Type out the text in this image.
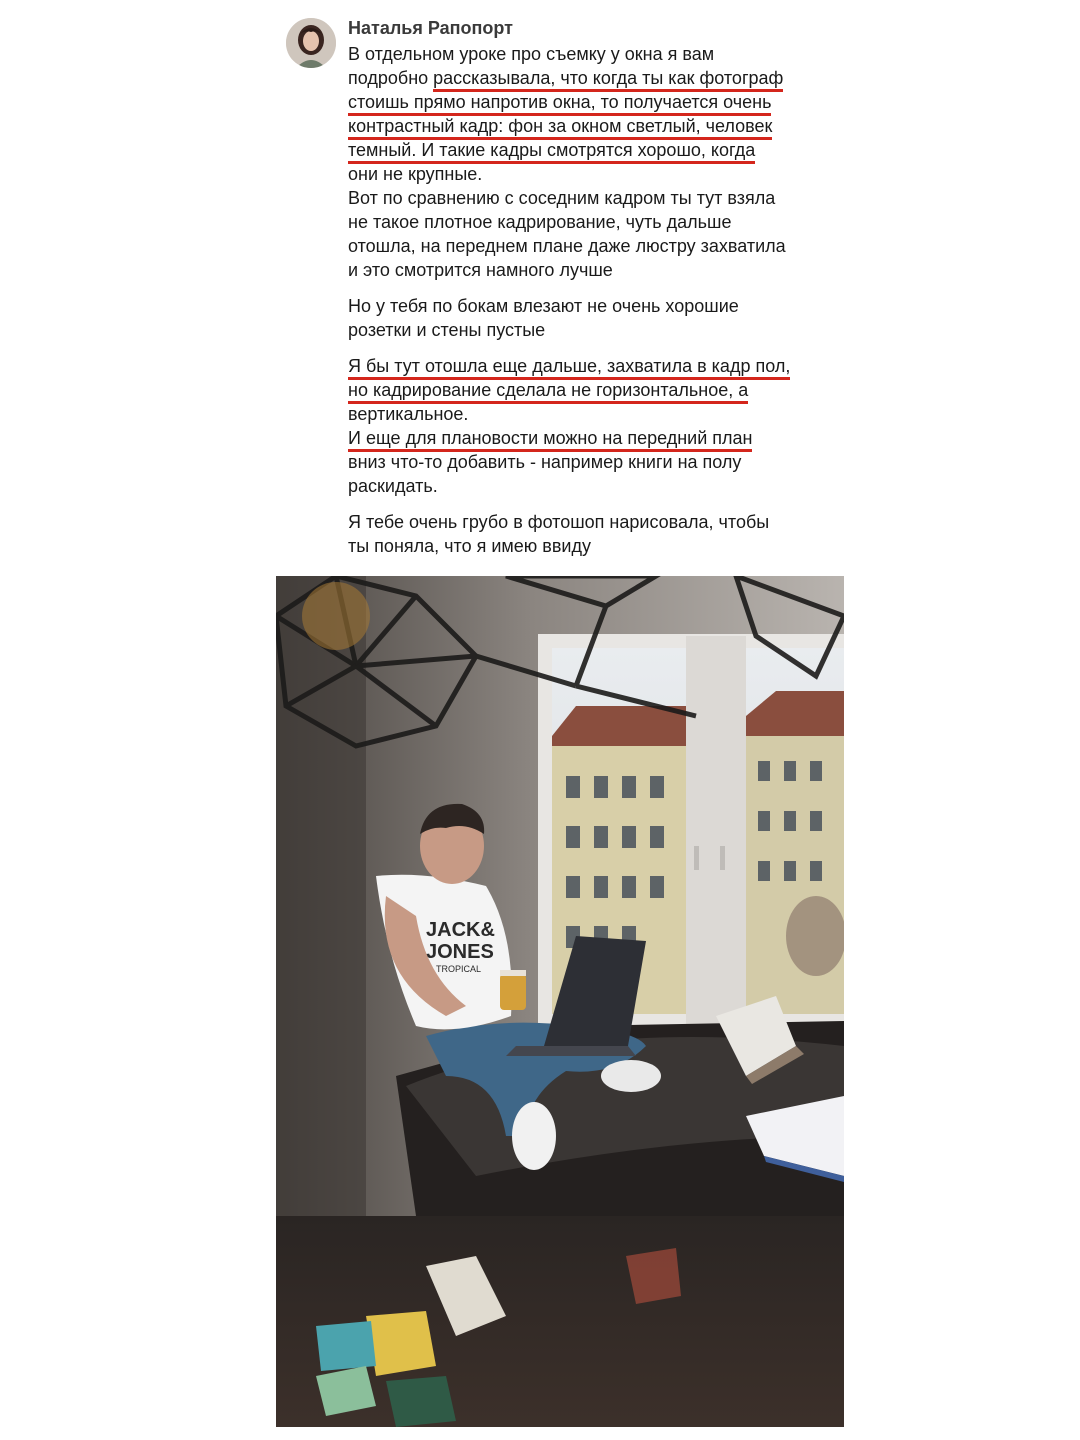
Наталья Рапопорт
В отдельном уроке про съемку у окна я вам
подробно рассказывала, что когда ты как фотограф
стоишь прямо напротив окна, то получается очень
контрастный кадр: фон за окном светлый, человек
темный. И такие кадры смотрятся хорошо, когда
они не крупные.
Вот по сравнению с соседним кадром ты тут взяла
не такое плотное кадрирование, чуть дальше
отошла, на переднем плане даже люстру захватила
и это смотрится намного лучше
Но у тебя по бокам влезают не очень хорошие
розетки и стены пустые
Я бы тут отошла еще дальше, захватила в кадр пол,
но кадрирование сделала не горизонтальное, а
вертикальное.
И еще для плановости можно на передний план
вниз что-то добавить - например книги на полу
раскидать.
Я тебе очень грубо в фотошоп нарисовала, чтобы
ты поняла, что я имею ввиду
JACK&
JONES
TROPICAL
